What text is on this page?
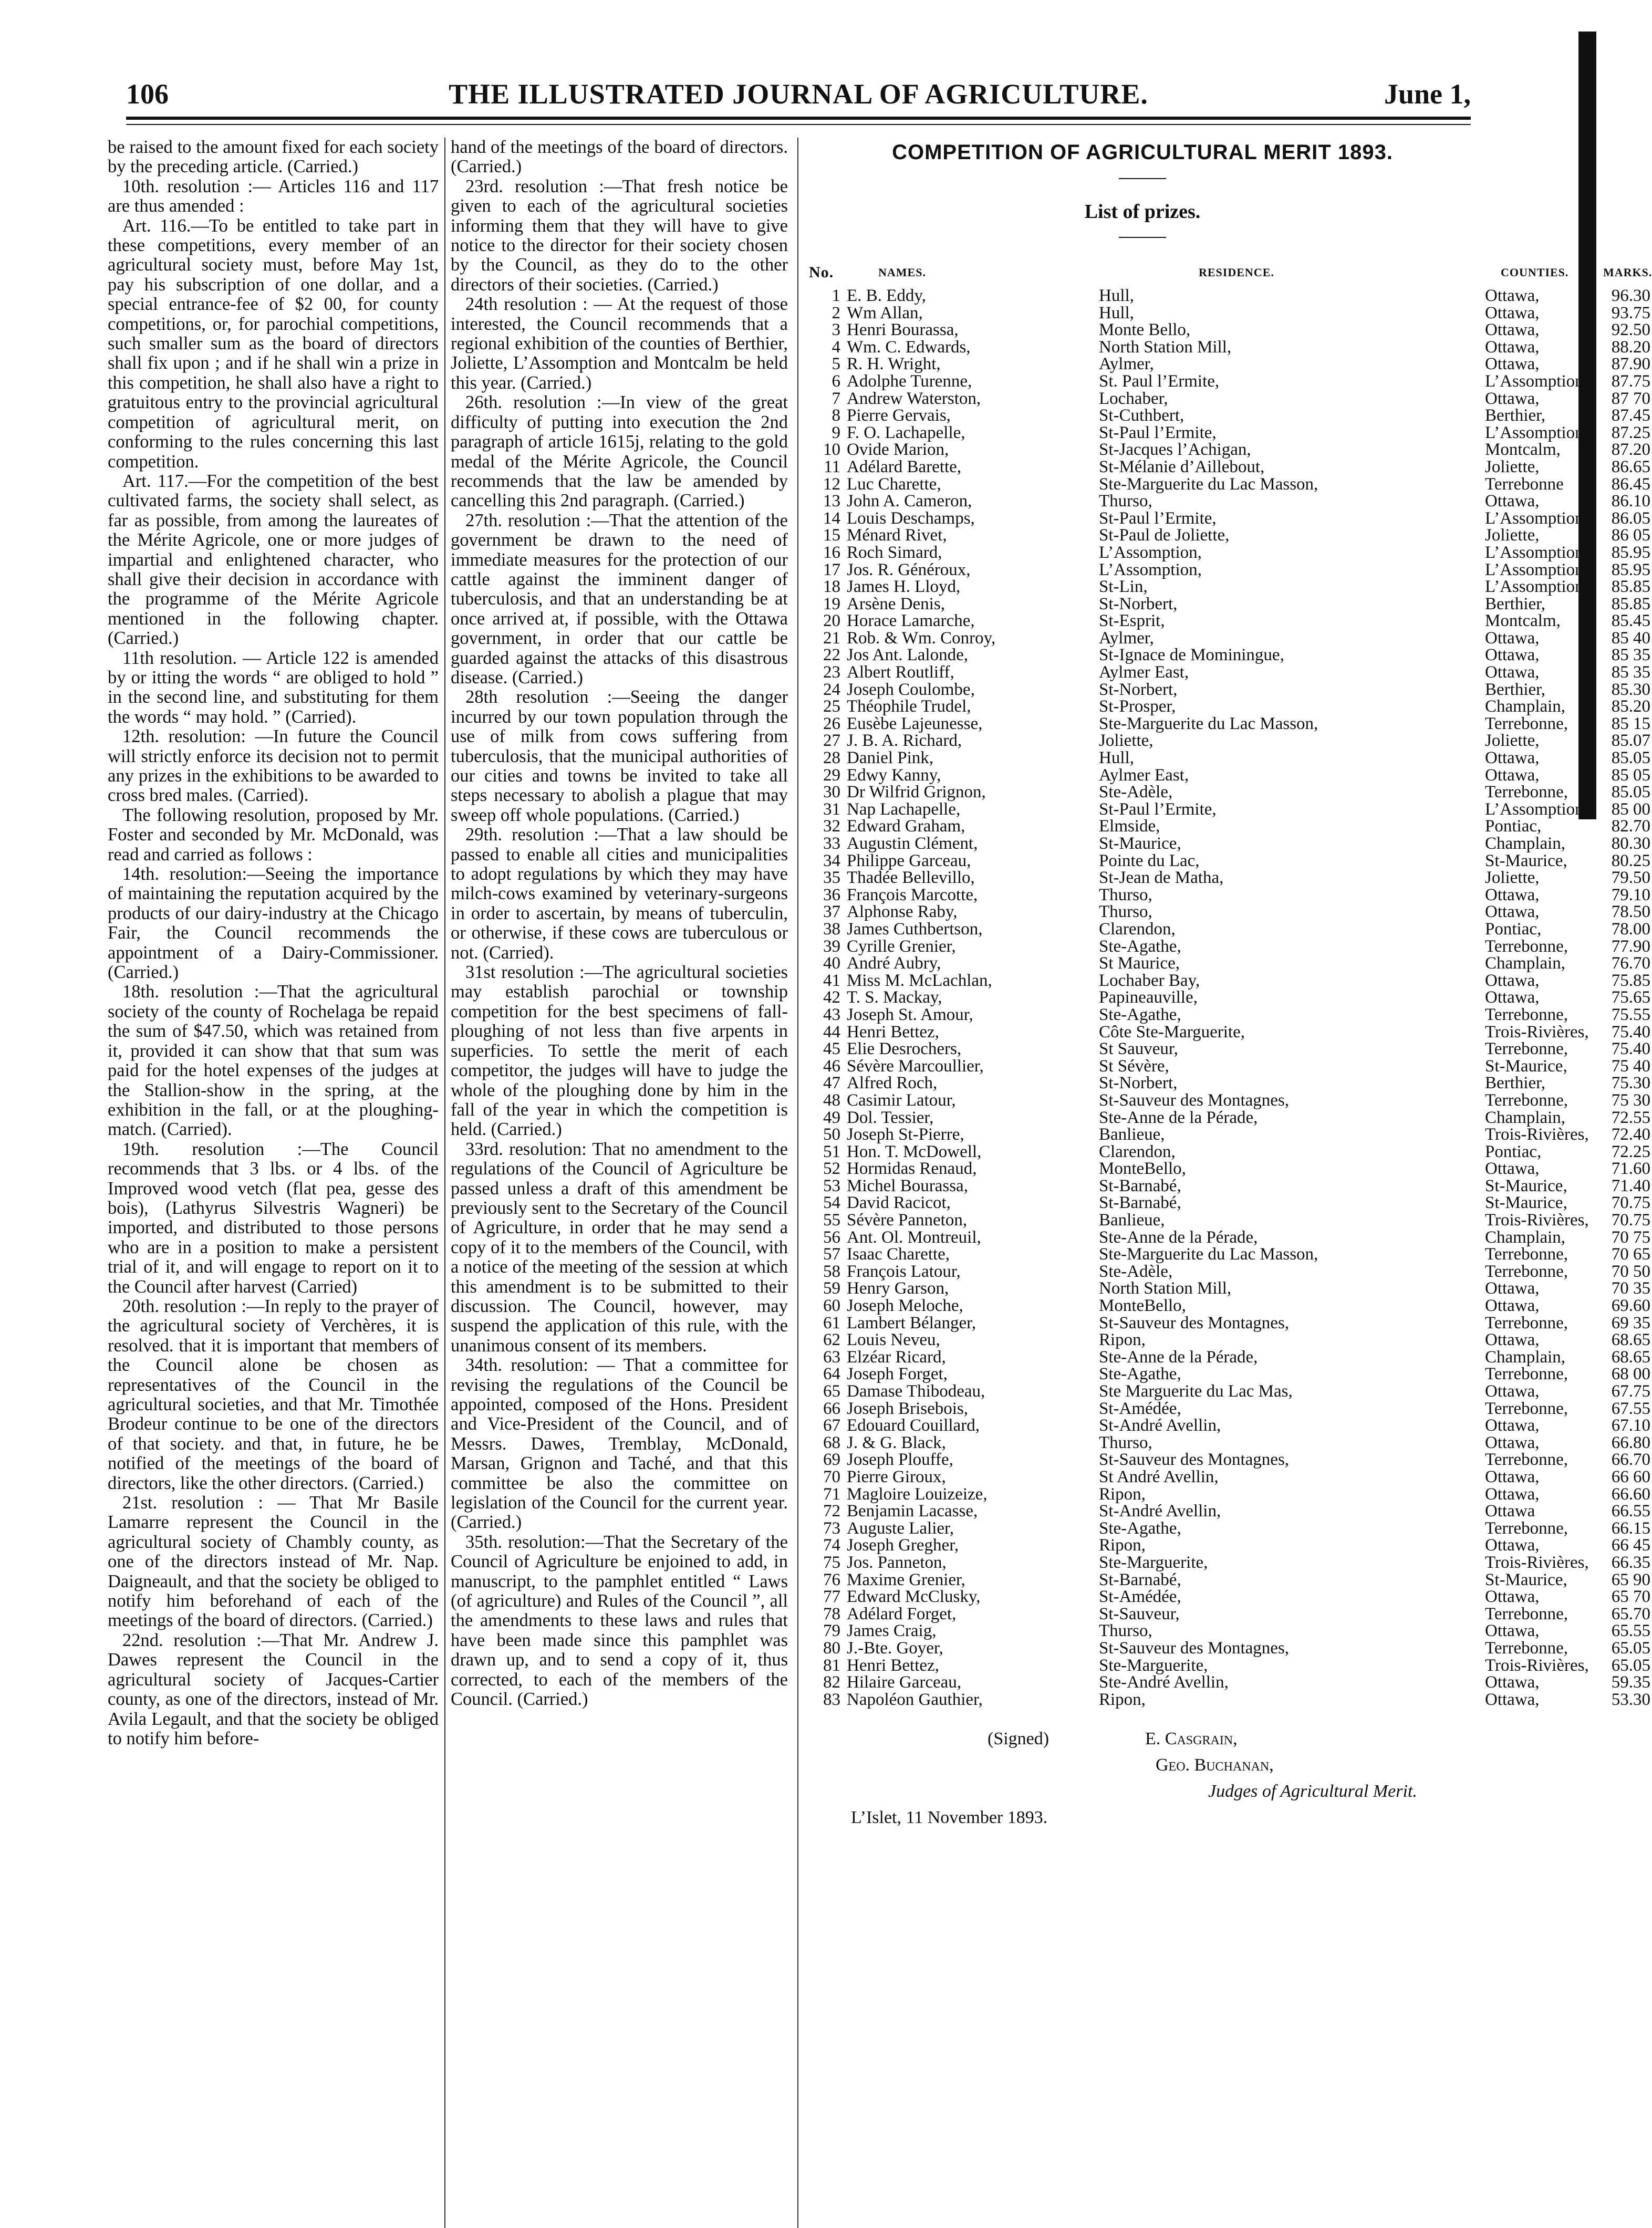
106	THE ILLUSTRATED JOURNAL OF AGRICULTURE.	June 1,

be raised to the amount fixed for each society by the preceding article. (Carried.)

10th. resolution :— Articles 116 and 117 are thus amended :

Art. 116.—To be entitled to take part in these competitions, every member of an agricultural society must, before May 1st, pay his subscription of one dollar, and a special entrance-fee of $2 00, for county competitions, or, for parochial competitions, such smaller sum as the board of directors shall fix upon ; and if he shall win a prize in this competition, he shall also have a right to gratuitous entry to the provincial agricultural competition of agricultural merit, on conforming to the rules concerning this last competition.

Art. 117.—For the competition of the best cultivated farms, the society shall select, as far as possible, from among the laureates of the Mérite Agricole, one or more judges of impartial and enlightened character, who shall give their decision in accordance with the programme of the Mérite Agricole mentioned in the following chapter. (Carried.)

11th resolution. — Article 122 is amended by or itting the words “ are obliged to hold ” in the second line, and substituting for them the words “ may hold. ” (Carried).

12th. resolution: —In future the Council will strictly enforce its decision not to permit any prizes in the exhibitions to be awarded to cross bred males. (Carried).

The following resolution, proposed by Mr. Foster and seconded by Mr. McDonald, was read and carried as follows :

14th. resolution:—Seeing the importance of maintaining the reputation acquired by the products of our dairy-industry at the Chicago Fair, the Council recommends the appointment of a Dairy-Commissioner. (Carried.)

18th. resolution :—That the agricultural society of the county of Rochelaga be repaid the sum of $47.50, which was retained from it, provided it can show that that sum was paid for the hotel expenses of the judges at the Stallion-show in the spring, at the exhibition in the fall, or at the ploughing-match. (Carried).

19th. resolution :—The Council recommends that 3 lbs. or 4 lbs. of the Improved wood vetch (flat pea, gesse des bois), (Lathyrus Silvestris Wagneri) be imported, and distributed to those persons who are in a position to make a persistent trial of it, and will engage to report on it to the Council after harvest (Carried)

20th. resolution :—In reply to the prayer of the agricultural society of Verchères, it is resolved. that it is important that members of the Council alone be chosen as representatives of the Council in the agricultural societies, and that Mr. Timothée Brodeur continue to be one of the directors of that society. and that, in future, he be notified of the meetings of the board of directors, like the other directors. (Carried.)

21st. resolution : — That Mr Basile Lamarre represent the Council in the agricultural society of Chambly county, as one of the directors instead of Mr. Nap. Daigneault, and that the society be obliged to notify him beforehand of each of the meetings of the board of directors. (Carried.)

22nd. resolution :—That Mr. Andrew J. Dawes represent the Council in the agricultural society of Jacques-Cartier county, as one of the directors, instead of Mr. Avila Legault, and that the society be obliged to notify him before-

hand of the meetings of the board of directors. (Carried.)

23rd. resolution :—That fresh notice be given to each of the agricultural societies informing them that they will have to give notice to the director for their society chosen by the Council, as they do to the other directors of their societies. (Carried.)

24th resolution : — At the request of those interested, the Council recommends that a regional exhibition of the counties of Berthier, Joliette, L’Assomption and Montcalm be held this year. (Carried.)

26th. resolution :—In view of the great difficulty of putting into execution the 2nd paragraph of article 1615j, relating to the gold medal of the Mérite Agricole, the Council recommends that the law be amended by cancelling this 2nd paragraph. (Carried.)

27th. resolution :—That the attention of the government be drawn to the need of immediate measures for the protection of our cattle against the imminent danger of tuberculosis, and that an understanding be at once arrived at, if possible, with the Ottawa government, in order that our cattle be guarded against the attacks of this disastrous disease. (Carried.)

28th resolution :—Seeing the danger incurred by our town population through the use of milk from cows suffering from tuberculosis, that the municipal authorities of our cities and towns be invited to take all steps necessary to abolish a plague that may sweep off whole populations. (Carried.)

29th. resolution :—That a law should be passed to enable all cities and municipalities to adopt regulations by which they may have milch-cows examined by veterinary-surgeons in order to ascertain, by means of tuberculin, or otherwise, if these cows are tuberculous or not. (Carried).

31st resolution :—The agricultural societies may establish parochial or township competition for the best specimens of fall-ploughing of not less than five arpents in superficies. To settle the merit of each competitor, the judges will have to judge the whole of the ploughing done by him in the fall of the year in which the competition is held. (Carried.)

33rd. resolution: That no amendment to the regulations of the Council of Agriculture be passed unless a draft of this amendment be previously sent to the Secretary of the Council of Agriculture, in order that he may send a copy of it to the members of the Council, with a notice of the meeting of the session at which this amendment is to be submitted to their discussion. The Council, however, may suspend the application of this rule, with the unanimous consent of its members.

34th. resolution: — That a committee for revising the regulations of the Council be appointed, composed of the Hons. President and Vice-President of the Council, and of Messrs. Dawes, Tremblay, McDonald, Marsan, Grignon and Taché, and that this committee be also the committee on legislation of the Council for the current year. (Carried.)

35th. resolution:—That the Secretary of the Council of Agriculture be enjoined to add, in manuscript, to the pamphlet entitled “ Laws (of agriculture) and Rules of the Council ”, all the amendments to these laws and rules that have been made since this pamphlet was drawn up, and to send a copy of it, thus corrected, to each of the members of the Council. (Carried.)

COMPETITION OF AGRICULTURAL MERIT 1893.
List of prizes.
No.	NAMES.	RESIDENCE.	COUNTIES.	MARKS.
1	E. B. Eddy,	Hull,	Ottawa,	96.30
2	Wm Allan,	Hull,	Ottawa,	93.75
3	Henri Bourassa,	Monte Bello,	Ottawa,	92.50
4	Wm. C. Edwards,	North Station Mill,	Ottawa,	88.20
5	R. H. Wright,	Aylmer,	Ottawa,	87.90
6	Adolphe Turenne,	St. Paul l’Ermite,	L’Assomption,	87.75
7	Andrew Waterston,	Lochaber,	Ottawa,	87 70
8	Pierre Gervais,	St-Cuthbert,	Berthier,	87.45
9	F. O. Lachapelle,	St-Paul l’Ermite,	L’Assomption,	87.25
10	Ovide Marion,	St-Jacques l’Achigan,	Montcalm,	87.20
11	Adélard Barette,	St-Mélanie d’Aillebout,	Joliette,	86.65
12	Luc Charette,	Ste-Marguerite du Lac Masson,	Terrebonne	86.45
13	John A. Cameron,	Thurso,	Ottawa,	86.10
14	Louis Deschamps,	St-Paul l’Ermite,	L’Assomption,	86.05
15	Ménard Rivet,	St-Paul de Joliette,	Joliette,	86 05
16	Roch Simard,	L’Assomption,	L’Assomption,	85.95
17	Jos. R. Généroux,	L’Assomption,	L’Assomption,	85.95
18	James H. Lloyd,	St-Lin,	L’Assomption,	85.85
19	Arsène Denis,	St-Norbert,	Berthier,	85.85
20	Horace Lamarche,	St-Esprit,	Montcalm,	85.45
21	Rob. & Wm. Conroy,	Aylmer,	Ottawa,	85 40
22	Jos Ant. Lalonde,	St-Ignace de Mominingue,	Ottawa,	85 35
23	Albert Routliff,	Aylmer East,	Ottawa,	85 35
24	Joseph Coulombe,	St-Norbert,	Berthier,	85.30
25	Théophile Trudel,	St-Prosper,	Champlain,	85.20
26	Eusèbe Lajeunesse,	Ste-Marguerite du Lac Masson,	Terrebonne,	85 15
27	J. B. A. Richard,	Joliette,	Joliette,	85.07
28	Daniel Pink,	Hull,	Ottawa,	85.05
29	Edwy Kanny,	Aylmer East,	Ottawa,	85 05
30	Dr Wilfrid Grignon,	Ste-Adèle,	Terrebonne,	85.05
31	Nap Lachapelle,	St-Paul l’Ermite,	L’Assomption,	85 00
32	Edward Graham,	Elmside,	Pontiac,	82.70
33	Augustin Clément,	St-Maurice,	Champlain,	80.30
34	Philippe Garceau,	Pointe du Lac,	St-Maurice,	80.25
35	Thadée Bellevillo,	St-Jean de Matha,	Joliette,	79.50
36	François Marcotte,	Thurso,	Ottawa,	79.10
37	Alphonse Raby,	Thurso,	Ottawa,	78.50
38	James Cuthbertson,	Clarendon,	Pontiac,	78.00
39	Cyrille Grenier,	Ste-Agathe,	Terrebonne,	77.90
40	André Aubry,	St Maurice,	Champlain,	76.70
41	Miss M. McLachlan,	Lochaber Bay,	Ottawa,	75.85
42	T. S. Mackay,	Papineauville,	Ottawa,	75.65
43	Joseph St. Amour,	Ste-Agathe,	Terrebonne,	75.55
44	Henri Bettez,	Côte Ste-Marguerite,	Trois-Rivières,	75.40
45	Elie Desrochers,	St Sauveur,	Terrebonne,	75.40
46	Sévère Marcoullier,	St Sévère,	St-Maurice,	75 40
47	Alfred Roch,	St-Norbert,	Berthier,	75.30
48	Casimir Latour,	St-Sauveur des Montagnes,	Terrebonne,	75 30
49	Dol. Tessier,	Ste-Anne de la Pérade,	Champlain,	72.55
50	Joseph St-Pierre,	Banlieue,	Trois-Rivières,	72.40
51	Hon. T. McDowell,	Clarendon,	Pontiac,	72.25
52	Hormidas Renaud,	MonteBello,	Ottawa,	71.60
53	Michel Bourassa,	St-Barnabé,	St-Maurice,	71.40
54	David Racicot,	St-Barnabé,	St-Maurice,	70.75
55	Sévère Panneton,	Banlieue,	Trois-Rivières,	70.75
56	Ant. Ol. Montreuil,	Ste-Anne de la Pérade,	Champlain,	70 75
57	Isaac Charette,	Ste-Marguerite du Lac Masson,	Terrebonne,	70 65
58	François Latour,	Ste-Adèle,	Terrebonne,	70 50
59	Henry Garson,	North Station Mill,	Ottawa,	70 35
60	Joseph Meloche,	MonteBello,	Ottawa,	69.60
61	Lambert Bélanger,	St-Sauveur des Montagnes,	Terrebonne,	69 35
62	Louis Neveu,	Ripon,	Ottawa,	68.65
63	Elzéar Ricard,	Ste-Anne de la Pérade,	Champlain,	68.65
64	Joseph Forget,	Ste-Agathe,	Terrebonne,	68 00
65	Damase Thibodeau,	Ste Marguerite du Lac Mas,	Ottawa,	67.75
66	Joseph Brisebois,	St-Amédée,	Terrebonne,	67.55
67	Edouard Couillard,	St-André Avellin,	Ottawa,	67.10
68	J. & G. Black,	Thurso,	Ottawa,	66.80
69	Joseph Plouffe,	St-Sauveur des Montagnes,	Terrebonne,	66.70
70	Pierre Giroux,	St André Avellin,	Ottawa,	66 60
71	Magloire Louizeize,	Ripon,	Ottawa,	66.60
72	Benjamin Lacasse,	St-André Avellin,	Ottawa	66.55
73	Auguste Lalier,	Ste-Agathe,	Terrebonne,	66.15
74	Joseph Gregher,	Ripon,	Ottawa,	66 45
75	Jos. Panneton,	Ste-Marguerite,	Trois-Rivières,	66.35
76	Maxime Grenier,	St-Barnabé,	St-Maurice,	65 90
77	Edward McClusky,	St-Amédée,	Ottawa,	65 70
78	Adélard Forget,	St-Sauveur,	Terrebonne,	65.70
79	James Craig,	Thurso,	Ottawa,	65.55
80	J.-Bte. Goyer,	St-Sauveur des Montagnes,	Terrebonne,	65.05
81	Henri Bettez,	Ste-Marguerite,	Trois-Rivières,	65.05
82	Hilaire Garceau,	Ste-André Avellin,	Ottawa,	59.35
83	Napoléon Gauthier,	Ripon,	Ottawa,	53.30
(Signed)	E. Casgrain,
Geo. Buchanan,
Judges of Agricultural Merit.
L’Islet, 11 November 1893.
